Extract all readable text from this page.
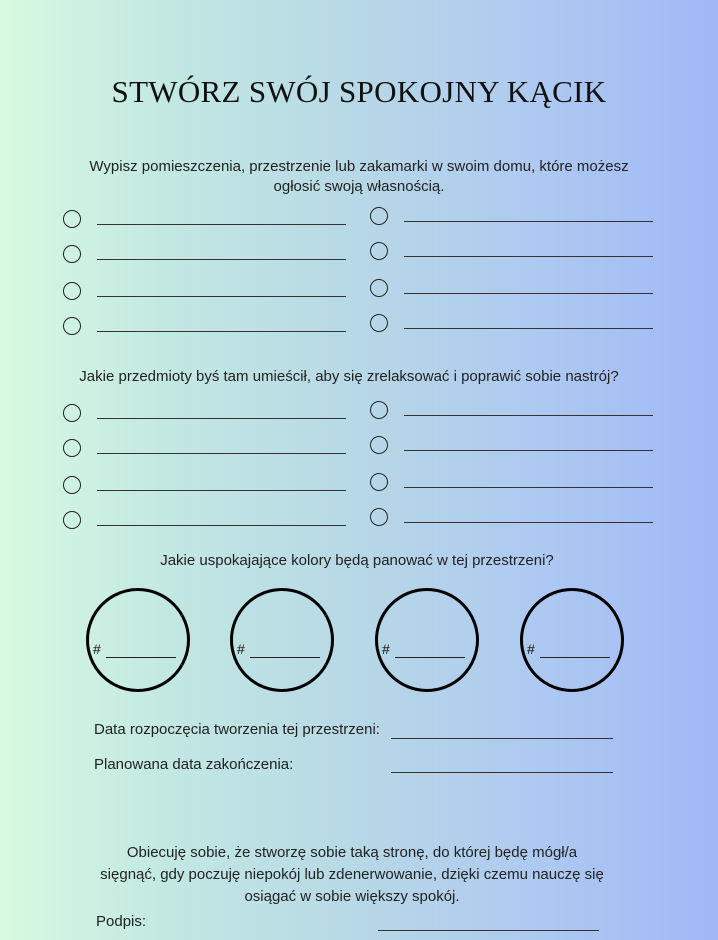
STWÓRZ SWÓJ SPOKOJNY KĄCIK
Wypisz pomieszczenia, przestrzenie lub zakamarki w swoim domu, które możesz
ogłosić swoją własnością.
Jakie przedmioty byś tam umieścił, aby się zrelaksować i poprawić sobie nastrój?
Jakie uspokajające kolory będą panować w tej przestrzeni?
#	#	#	#
Data rozpoczęcia tworzenia tej przestrzeni:
Planowana data zakończenia:
Obiecuję sobie, że stworzę sobie taką stronę, do której będę mógł/a
sięgnąć, gdy poczuję niepokój lub zdenerwowanie, dzięki czemu nauczę się
osiągać w sobie większy spokój.
Podpis:
